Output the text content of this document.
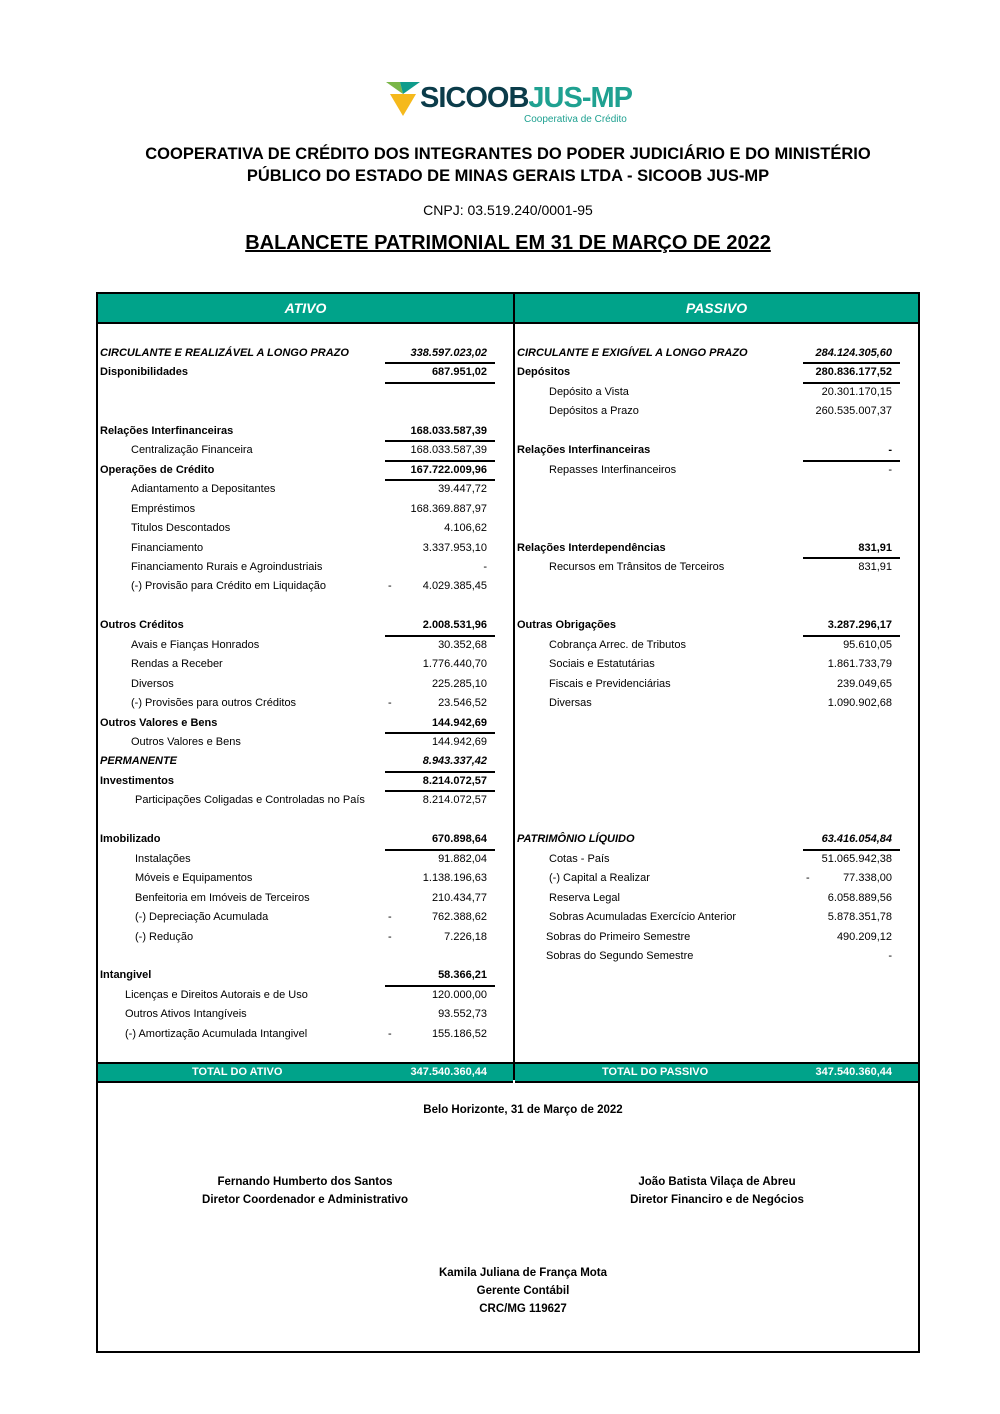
SICOOBJUS-MP
Cooperativa de Crédito
COOPERATIVA DE CRÉDITO DOS INTEGRANTES DO PODER JUDICIÁRIO E DO MINISTÉRIO
PÚBLICO DO ESTADO DE MINAS GERAIS LTDA - SICOOB JUS-MP
CNPJ: 03.519.240/0001-95
BALANCETE PATRIMONIAL EM 31 DE MARÇO DE 2022
ATIVO	PASSIVO
CIRCULANTE E REALIZÁVEL A LONGO PRAZO	338.597.023,02
Disponibilidades	687.951,02
Relações Interfinanceiras	168.033.587,39
Centralização Financeira	168.033.587,39
Operações de Crédito	167.722.009,96
Adiantamento a Depositantes	39.447,72
Empréstimos	168.369.887,97
Titulos Descontados	4.106,62
Financiamento	3.337.953,10
Financiamento Rurais e Agroindustriais	-
(-) Provisão para Crédito em Liquidação	-	4.029.385,45
Outros Créditos	2.008.531,96
Avais e Fianças Honrados	30.352,68
Rendas a Receber	1.776.440,70
Diversos	225.285,10
(-) Provisões para outros Créditos	-	23.546,52
Outros Valores e Bens	144.942,69
Outros Valores e Bens	144.942,69
PERMANENTE	8.943.337,42
Investimentos	8.214.072,57
Participações Coligadas e Controladas no País	8.214.072,57
Imobilizado	670.898,64
Instalações	91.882,04
Móveis e Equipamentos	1.138.196,63
Benfeitoria em Imóveis de Terceiros	210.434,77
(-) Depreciação Acumulada	-	762.388,62
(-) Redução	-	7.226,18
Intangivel	58.366,21
Licenças e Direitos Autorais e de Uso	120.000,00
Outros Ativos Intangíveis	93.552,73
(-) Amortização Acumulada Intangivel	-	155.186,52
CIRCULANTE E EXIGÍVEL A LONGO PRAZO	284.124.305,60
Depósitos	280.836.177,52
Depósito a Vista	20.301.170,15
Depósitos a Prazo	260.535.007,37
Relações Interfinanceiras	-
Repasses Interfinanceiros	-
Relações Interdependências	831,91
Recursos em Trânsitos de Terceiros	831,91
Outras Obrigações	3.287.296,17
Cobrança Arrec. de Tributos	95.610,05
Sociais e Estatutárias	1.861.733,79
Fiscais e Previdenciárias	239.049,65
Diversas	1.090.902,68
PATRIMÔNIO LÍQUIDO	63.416.054,84
Cotas - País	51.065.942,38
(-) Capital a Realizar	-	77.338,00
Reserva Legal	6.058.889,56
Sobras Acumuladas Exercício Anterior	5.878.351,78
Sobras do Primeiro Semestre	490.209,12
Sobras do Segundo Semestre	-
TOTAL DO ATIVO	347.540.360,44	TOTAL DO PASSIVO	347.540.360,44
Belo Horizonte, 31 de Março de 2022
Fernando Humberto dos Santos
Diretor Coordenador e Administrativo
João Batista Vilaça de Abreu
Diretor Financiro e de Negócios
Kamila Juliana de França Mota
Gerente Contábil
CRC/MG 119627
